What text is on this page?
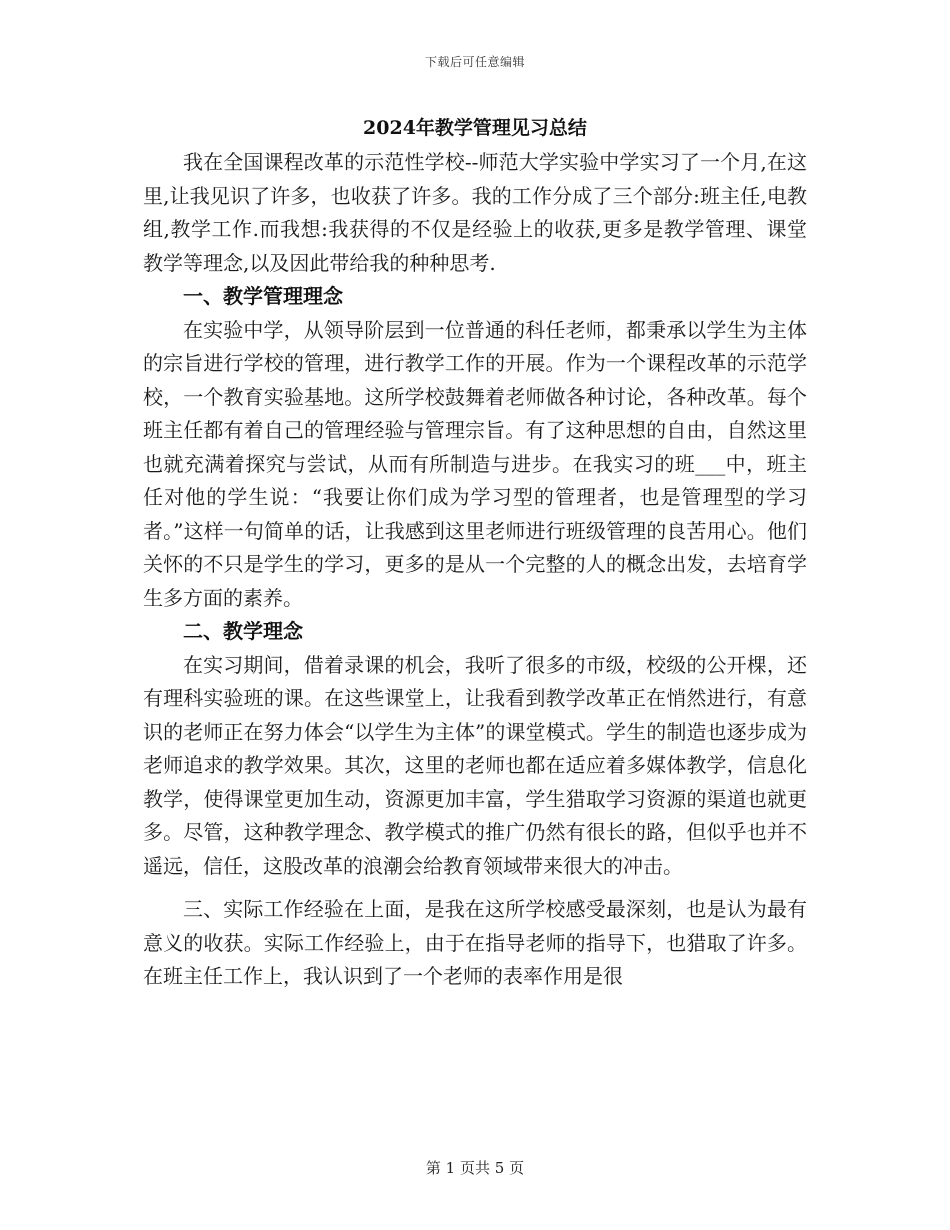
下载后可任意编辑
2024年教学管理见习总结

我在全国课程改革的示范性学校--师范大学实验中学实习了一个月,在这里,让我见识了许多，也收获了许多。我的工作分成了三个部分:班主任,电教组,教学工作.而我想:我获得的不仅是经验上的收获,更多是教学管理、课堂教学等理念,以及因此带给我的种种思考.

一、教学管理理念

在实验中学，从领导阶层到一位普通的科任老师，都秉承以学生为主体的宗旨进行学校的管理，进行教学工作的开展。作为一个课程改革的示范学校，一个教育实验基地。这所学校鼓舞着老师做各种讨论，各种改革。每个班主任都有着自己的管理经验与管理宗旨。有了这种思想的自由，自然这里也就充满着探究与尝试，从而有所制造与进步。在我实习的班___中，班主任对他的学生说：“我要让你们成为学习型的管理者，也是管理型的学习者。”这样一句简单的话，让我感到这里老师进行班级管理的良苦用心。他们关怀的不只是学生的学习，更多的是从一个完整的人的概念出发，去培育学生多方面的素养。

二、教学理念

在实习期间，借着录课的机会，我听了很多的市级，校级的公开棵，还有理科实验班的课。在这些课堂上，让我看到教学改革正在悄然进行，有意识的老师正在努力体会“以学生为主体”的课堂模式。学生的制造也逐步成为老师追求的教学效果。其次，这里的老师也都在适应着多媒体教学，信息化教学，使得课堂更加生动，资源更加丰富，学生猎取学习资源的渠道也就更多。尽管，这种教学理念、教学模式的推广仍然有很长的路，但似乎也并不遥远，信任，这股改革的浪潮会给教育领域带来很大的冲击。

三、实际工作经验在上面，是我在这所学校感受最深刻，也是认为最有意义的收获。实际工作经验上，由于在指导老师的指导下，也猎取了许多。在班主任工作上，我认识到了一个老师的表率作用是很

第 1 页共 5 页
